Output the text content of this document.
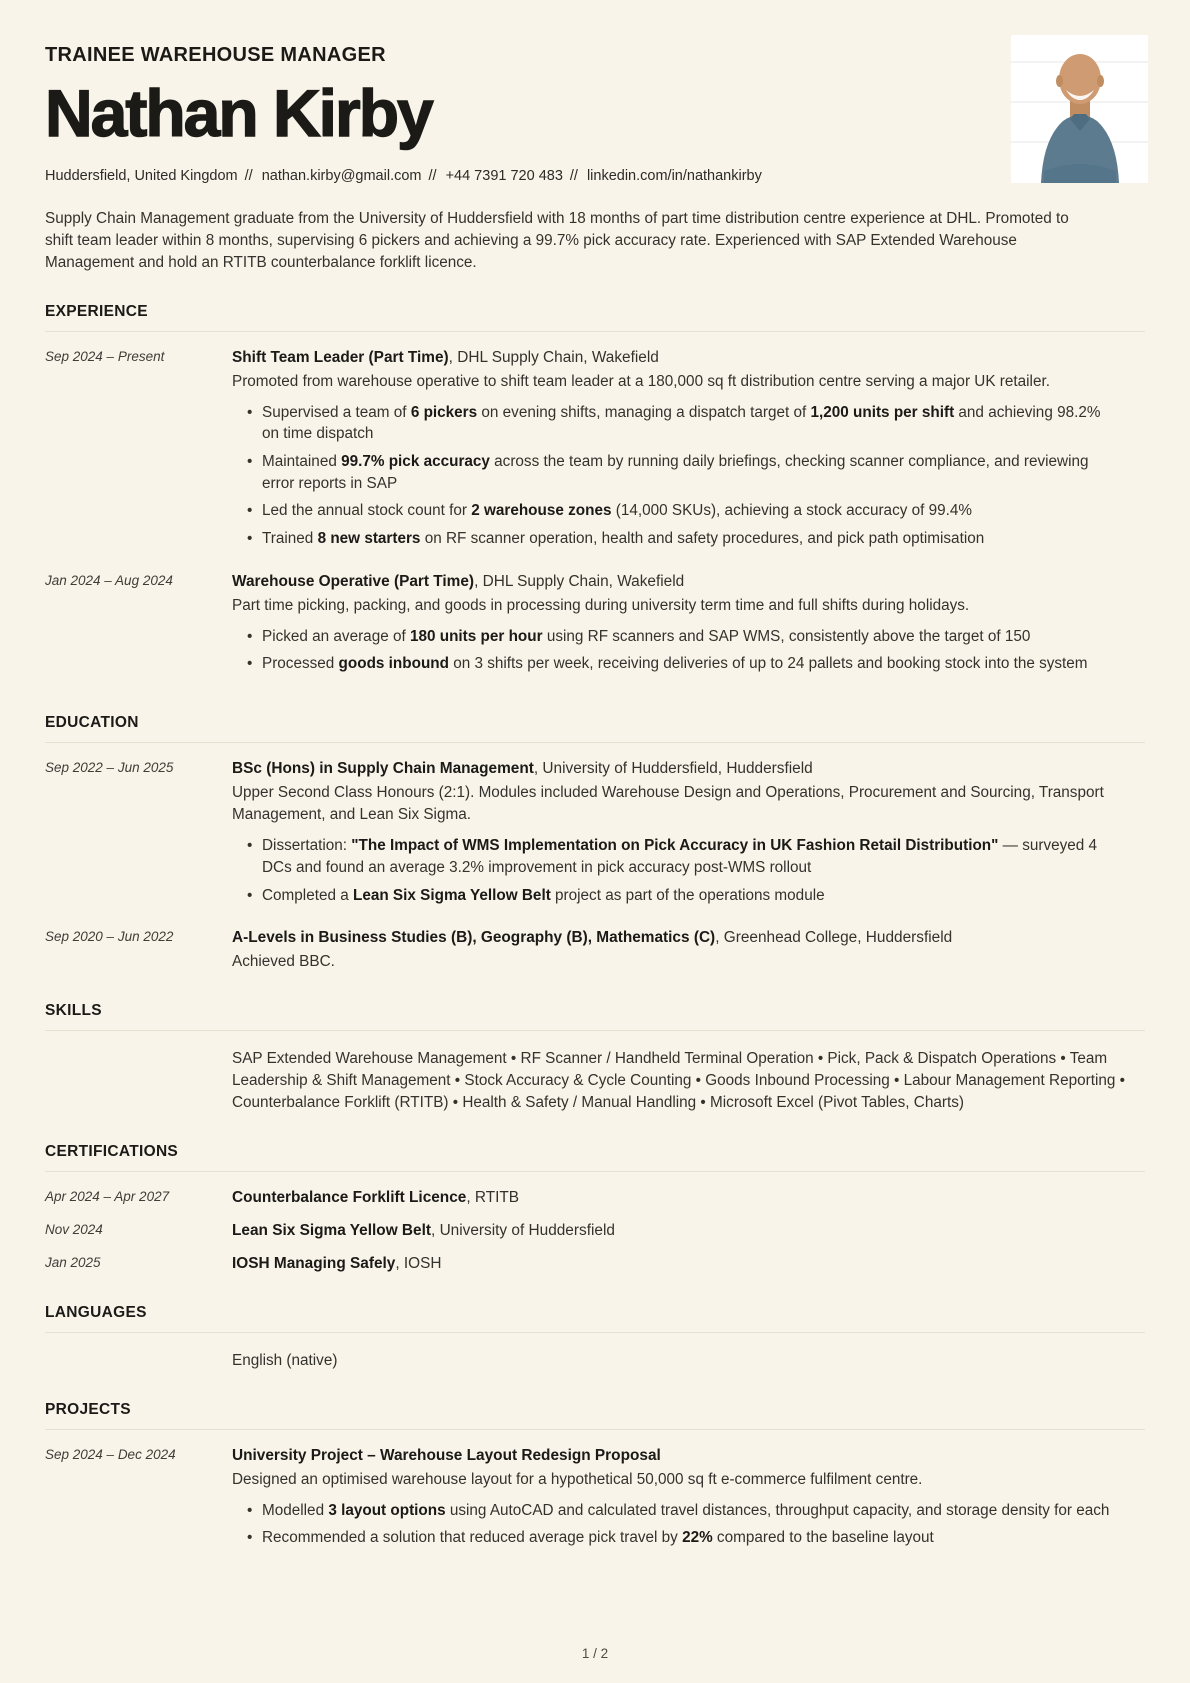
TRAINEE WAREHOUSE MANAGER
Nathan Kirby
Huddersfield, United Kingdom // nathan.kirby@gmail.com // +44 7391 720 483 // linkedin.com/in/nathankirby

Supply Chain Management graduate from the University of Huddersfield with 18 months of part time distribution centre experience at DHL. Promoted to shift team leader within 8 months, supervising 6 pickers and achieving a 99.7% pick accuracy rate. Experienced with SAP Extended Warehouse Management and hold an RTITB counterbalance forklift licence.

EXPERIENCE
Sep 2024 – Present	Shift Team Leader (Part Time), DHL Supply Chain, Wakefield

Promoted from warehouse operative to shift team leader at a 180,000 sq ft distribution centre serving a major UK retailer.

• Supervised a team of 6 pickers on evening shifts, managing a dispatch target of 1,200 units per shift and achieving 98.2% on time dispatch
• Maintained 99.7% pick accuracy across the team by running daily briefings, checking scanner compliance, and reviewing error reports in SAP
• Led the annual stock count for 2 warehouse zones (14,000 SKUs), achieving a stock accuracy of 99.4%
• Trained 8 new starters on RF scanner operation, health and safety procedures, and pick path optimisation
Jan 2024 – Aug 2024	Warehouse Operative (Part Time), DHL Supply Chain, Wakefield

Part time picking, packing, and goods in processing during university term time and full shifts during holidays.

• Picked an average of 180 units per hour using RF scanners and SAP WMS, consistently above the target of 150
• Processed goods inbound on 3 shifts per week, receiving deliveries of up to 24 pallets and booking stock into the system
EDUCATION
Sep 2022 – Jun 2025	BSc (Hons) in Supply Chain Management, University of Huddersfield, Huddersfield

Upper Second Class Honours (2:1). Modules included Warehouse Design and Operations, Procurement and Sourcing, Transport Management, and Lean Six Sigma.

• Dissertation: "The Impact of WMS Implementation on Pick Accuracy in UK Fashion Retail Distribution" — surveyed 4 DCs and found an average 3.2% improvement in pick accuracy post-WMS rollout
• Completed a Lean Six Sigma Yellow Belt project as part of the operations module
Sep 2020 – Jun 2022	A-Levels in Business Studies (B), Geography (B), Mathematics (C), Greenhead College, Huddersfield

Achieved BBC.

SKILLS

SAP Extended Warehouse Management • RF Scanner / Handheld Terminal Operation • Pick, Pack & Dispatch Operations • Team Leadership & Shift Management • Stock Accuracy & Cycle Counting • Goods Inbound Processing • Labour Management Reporting • Counterbalance Forklift (RTITB) • Health & Safety / Manual Handling • Microsoft Excel (Pivot Tables, Charts)

CERTIFICATIONS
Apr 2024 – Apr 2027	Counterbalance Forklift Licence, RTITB
Nov 2024	Lean Six Sigma Yellow Belt, University of Huddersfield
Jan 2025	IOSH Managing Safely, IOSH
LANGUAGES

English (native)

PROJECTS
Sep 2024 – Dec 2024	University Project – Warehouse Layout Redesign Proposal

Designed an optimised warehouse layout for a hypothetical 50,000 sq ft e-commerce fulfilment centre.

• Modelled 3 layout options using AutoCAD and calculated travel distances, throughput capacity, and storage density for each
• Recommended a solution that reduced average pick travel by 22% compared to the baseline layout
1 / 2
